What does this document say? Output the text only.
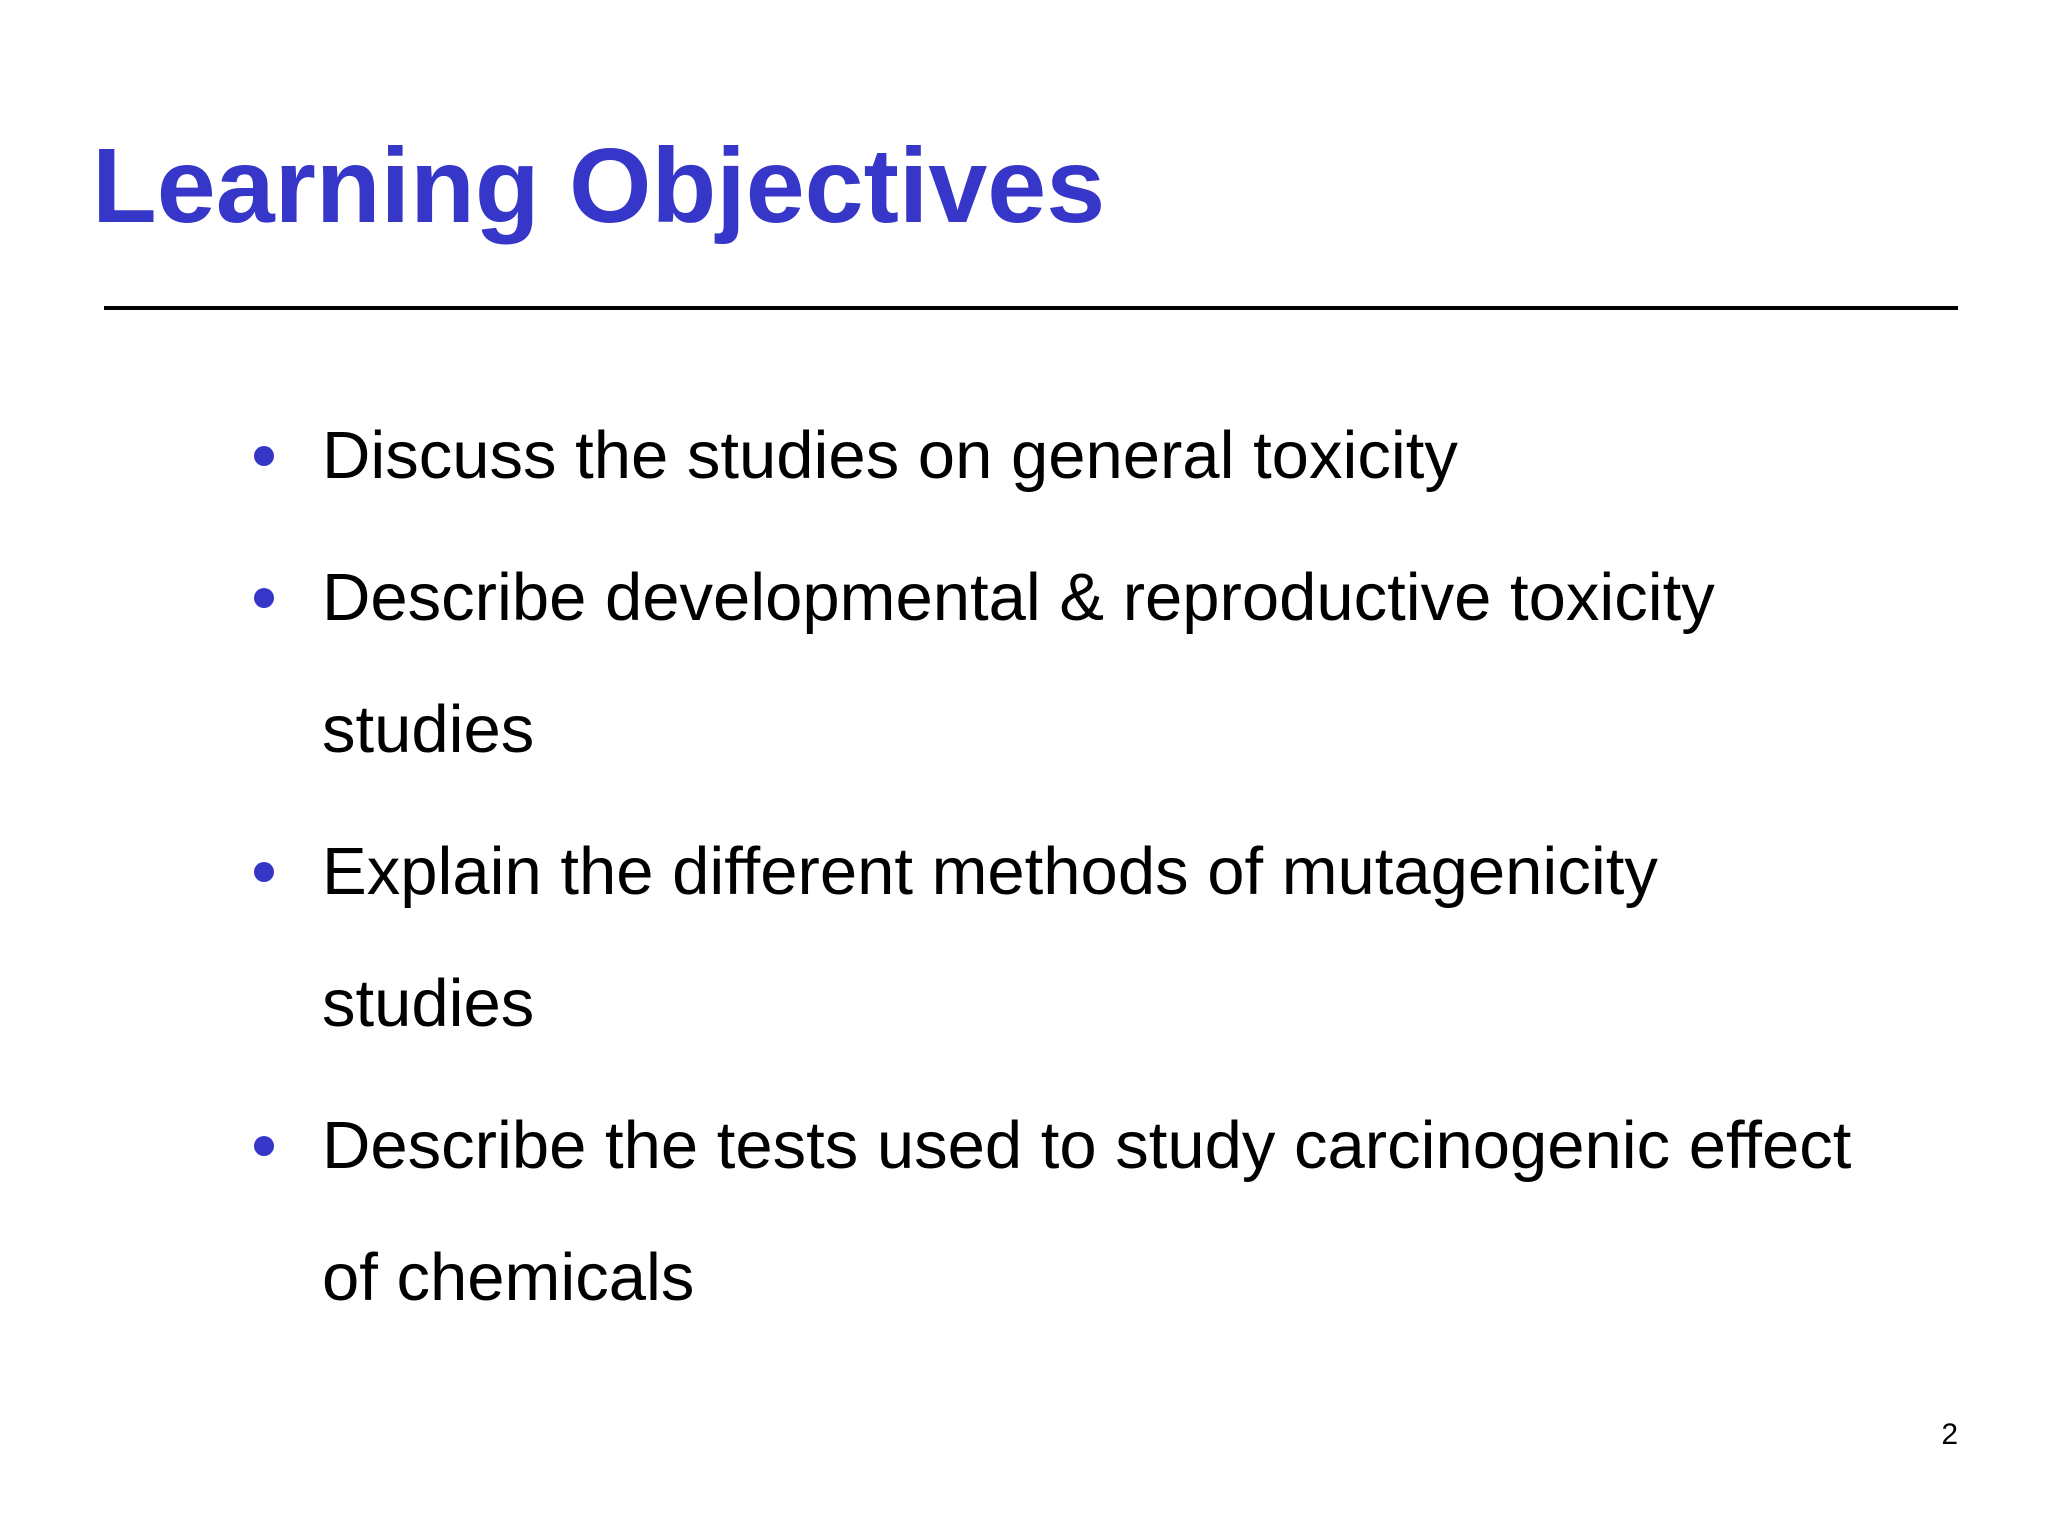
Learning Objectives
Discuss the studies on general toxicity
Describe developmental & reproductive toxicity studies
Explain the different methods of mutagenicity studies
Describe the tests used to study carcinogenic effect of chemicals
2
